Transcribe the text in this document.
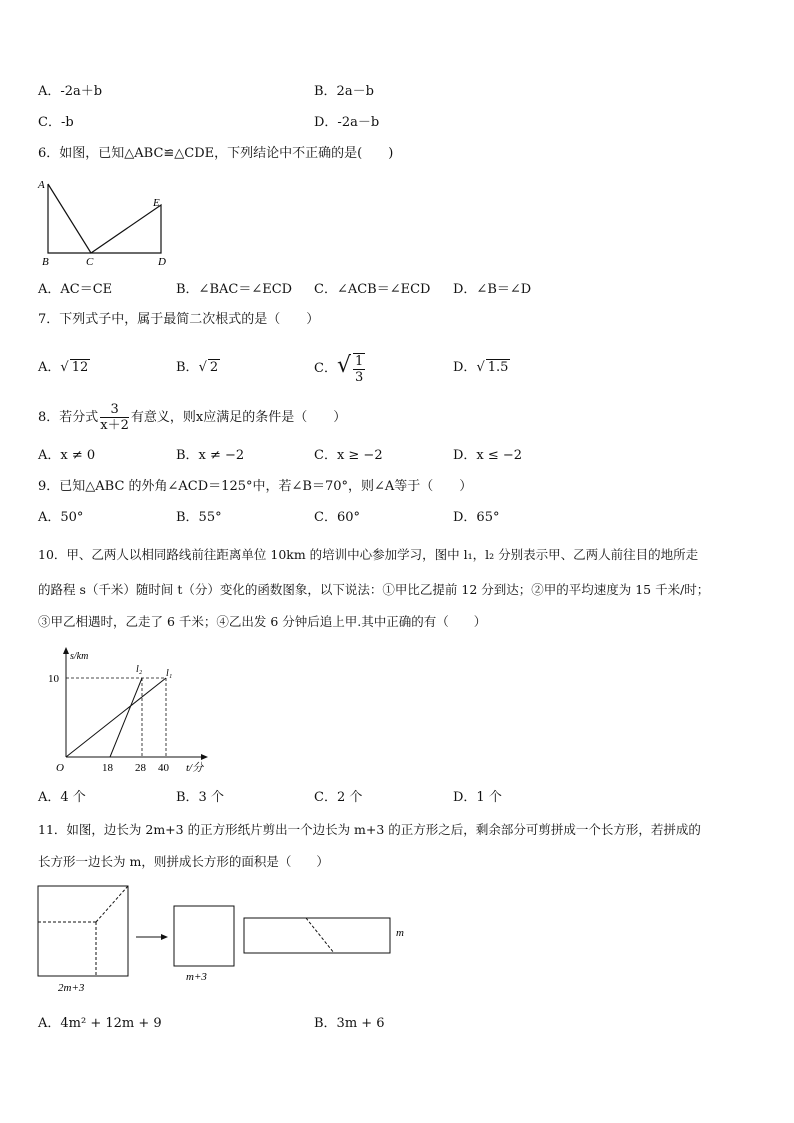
A．-2a＋b	B．2a－b
C．-b	D．-2a－b
6．如图，已知△ABC≌△CDE，下列结论中不正确的是(　　)
A
B	C	D
E
A．AC＝CE	B．∠BAC＝∠ECD C．∠ACB＝∠ECD D．∠B＝∠D
7．下列式子中，属于最简二次根式的是（　　）
A．√ 12	B．√ 2	C．√ $\frac{1}{3}$	D．√ 1.5
8．若分式 $\frac{3}{x+2}$ 有意义，则x应满足的条件是（　　）
A．x ≠ 0	B．x ≠ −2	C．x ≥ −2	D．x ≤ −2
9．已知△ABC 的外角∠ACD＝125°中，若∠B＝70°，则∠A等于（　　）
A．50°	B．55°	C．60°	D．65°
10．甲、乙两人以相同路线前往距离单位 10km 的培训中心参加学习，图中 l₁，l₂ 分别表示甲、乙两人前往目的地所走
的路程 s（千米）随时间 t（分）变化的函数图象，以下说法：①甲比乙提前 12 分到达；②甲的平均速度为 15 千米/时；
③甲乙相遇时，乙走了 6 千米；④乙出发 6 分钟后追上甲.其中正确的有（　　）
s/km
10
O	18 28 40 t/分
l₂ l₁
A．4 个	B．3 个	C．2 个	D．1 个
11．如图，边长为 2m+3 的正方形纸片剪出一个边长为 m+3 的正方形之后，剩余部分可剪拼成一个长方形，若拼成的
长方形一边长为 m，则拼成长方形的面积是（　　）
2m+3
m+3
m
A．4m² + 12m + 9	B．3m + 6
